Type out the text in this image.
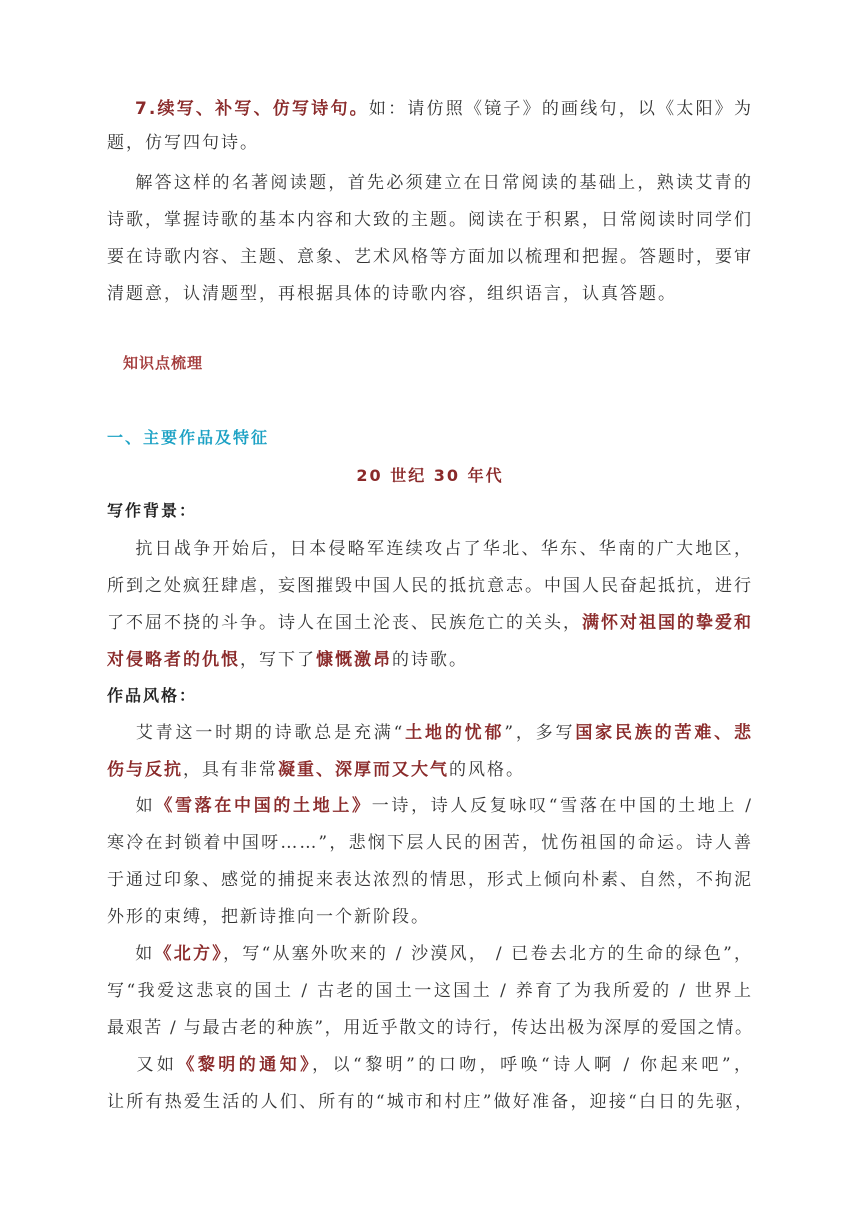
7.续写、补写、仿写诗句。如：请仿照《镜子》的画线句，以《太阳》为
题，仿写四句诗。
解答这样的名著阅读题，首先必须建立在日常阅读的基础上，熟读艾青的
诗歌，掌握诗歌的基本内容和大致的主题。阅读在于积累，日常阅读时同学们
要在诗歌内容、主题、意象、艺术风格等方面加以梳理和把握。答题时，要审
清题意，认清题型，再根据具体的诗歌内容，组织语言，认真答题。
知识点梳理
一、主要作品及特征
20 世纪 30 年代
写作背景：
抗日战争开始后，日本侵略军连续攻占了华北、华东、华南的广大地区，
所到之处疯狂肆虐，妄图摧毁中国人民的抵抗意志。中国人民奋起抵抗，进行
了不屈不挠的斗争。诗人在国土沦丧、民族危亡的关头，满怀对祖国的挚爱和
对侵略者的仇恨，写下了慷慨激昂的诗歌。
作品风格：
艾青这一时期的诗歌总是充满“土地的忧郁”，多写国家民族的苦难、悲
伤与反抗，具有非常凝重、深厚而又大气的风格。
如《雪落在中国的土地上》一诗，诗人反复咏叹“雪落在中国的土地上 /
寒冷在封锁着中国呀……”，悲悯下层人民的困苦，忧伤祖国的命运。诗人善
于通过印象、感觉的捕捉来表达浓烈的情思，形式上倾向朴素、自然，不拘泥
外形的束缚，把新诗推向一个新阶段。
如《北方》，写“从塞外吹来的 / 沙漠风， / 已卷去北方的生命的绿色”，
写“我爱这悲哀的国土 / 古老的国土一这国土 / 养育了为我所爱的 / 世界上
最艰苦 / 与最古老的种族”，用近乎散文的诗行，传达出极为深厚的爱国之情。
又如《黎明的通知》，以“黎明”的口吻，呼唤“诗人啊 / 你起来吧”，
让所有热爱生活的人们、所有的“城市和村庄”做好准备，迎接“白日的先驱，
